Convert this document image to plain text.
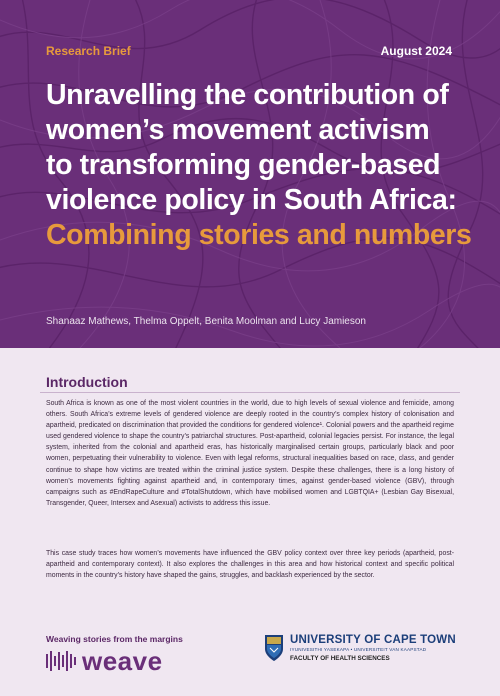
Research Brief	August 2024
Unravelling the contribution of
women’s movement activism
to transforming gender-based
violence policy in South Africa:
Combining stories and numbers
Shanaaz Mathews, Thelma Oppelt, Benita Moolman and Lucy Jamieson
Introduction

South Africa is known as one of the most violent countries in the world, due to high levels of sexual violence and femicide, among others. South Africa’s extreme levels of gendered violence are deeply rooted in the country’s complex history of colonisation and apartheid, predicated on discrimination that provided the conditions for gendered violence¹. Colonial powers and the apartheid regime used gendered violence to shape the country’s patriarchal structures. Post-apartheid, colonial legacies persist. For instance, the legal system, inherited from the colonial and apartheid eras, has historically marginalised certain groups, particularly black and poor women, perpetuating their vulnerability to violence. Even with legal reforms, structural inequalities based on race, class, and gender continue to shape how victims are treated within the criminal justice system. Despite these challenges, there is a long history of women’s movements fighting against apartheid and, in contemporary times, against gender-based violence (GBV), through campaigns such as #EndRapeCulture and #TotalShutdown, which have mobilised women and LGBTQIA+ (Lesbian Gay Bisexual, Transgender, Queer, Intersex and Asexual) activists to address this issue.

This case study traces how women’s movements have influenced the GBV policy context over three key periods (apartheid, post-apartheid and contemporary context). It also explores the challenges in this area and how historical context and specific political moments in the country’s history have shaped the gains, struggles, and backlash experienced by the sector.

Weaving stories from the margins
weave
UNIVERSITY OF CAPE TOWN
IYUNIVESITHI YASEKAPA • UNIVERSITEIT VAN KAAPSTAD
FACULTY OF HEALTH SCIENCES
